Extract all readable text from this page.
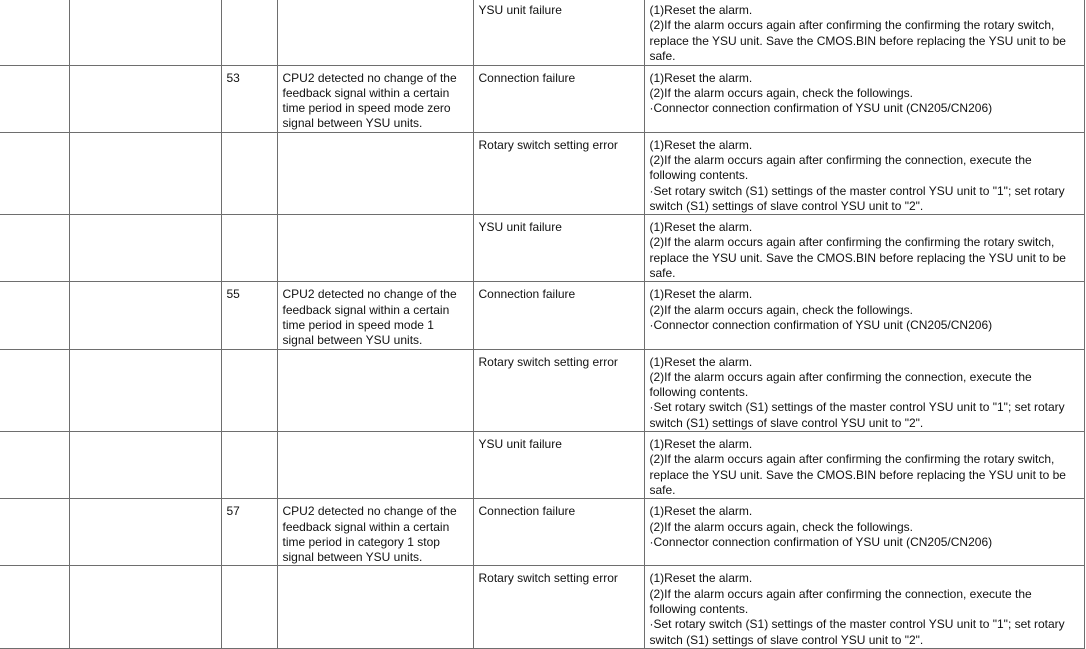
				YSU unit failure	(1)Reset the alarm.
(2)If the alarm occurs again after confirming the confirming the rotary switch,
replace the YSU unit. Save the CMOS.BIN before replacing the YSU unit to be
safe.

		53	CPU2 detected no change of the
feedback signal within a certain
time period in speed mode zero
signal between YSU units.	Connection failure	(1)Reset the alarm.
(2)If the alarm occurs again, check the followings.
·Connector connection confirmation of YSU unit (CN205/CN206)

				Rotary switch setting error	(1)Reset the alarm.
(2)If the alarm occurs again after confirming the connection, execute the
following contents.
·Set rotary switch (S1) settings of the master control YSU unit to "1"; set rotary
switch (S1) settings of slave control YSU unit to "2".

				YSU unit failure	(1)Reset the alarm.
(2)If the alarm occurs again after confirming the confirming the rotary switch,
replace the YSU unit. Save the CMOS.BIN before replacing the YSU unit to be
safe.

		55	CPU2 detected no change of the
feedback signal within a certain
time period in speed mode 1
signal between YSU units.	Connection failure	(1)Reset the alarm.
(2)If the alarm occurs again, check the followings.
·Connector connection confirmation of YSU unit (CN205/CN206)

				Rotary switch setting error	(1)Reset the alarm.
(2)If the alarm occurs again after confirming the connection, execute the
following contents.
·Set rotary switch (S1) settings of the master control YSU unit to "1"; set rotary
switch (S1) settings of slave control YSU unit to "2".

				YSU unit failure	(1)Reset the alarm.
(2)If the alarm occurs again after confirming the confirming the rotary switch,
replace the YSU unit. Save the CMOS.BIN before replacing the YSU unit to be
safe.

		57	CPU2 detected no change of the
feedback signal within a certain
time period in category 1 stop
signal between YSU units.	Connection failure	(1)Reset the alarm.
(2)If the alarm occurs again, check the followings.
·Connector connection confirmation of YSU unit (CN205/CN206)

				Rotary switch setting error	(1)Reset the alarm.
(2)If the alarm occurs again after confirming the connection, execute the
following contents.
·Set rotary switch (S1) settings of the master control YSU unit to "1"; set rotary
switch (S1) settings of slave control YSU unit to "2".
